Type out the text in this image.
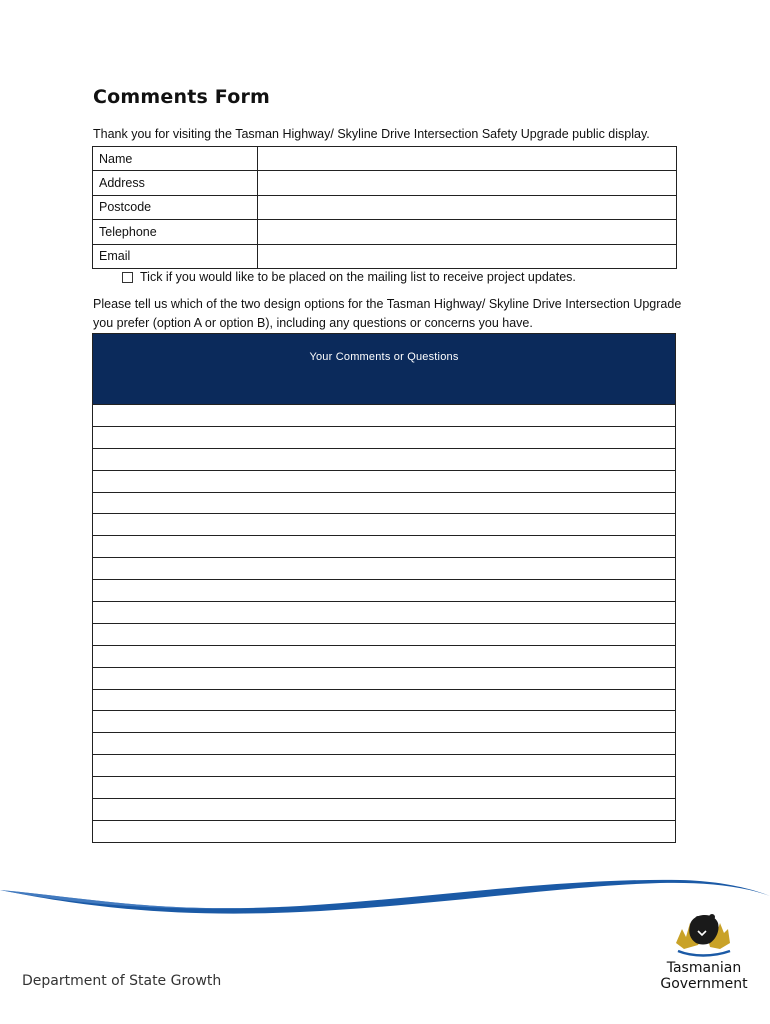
Comments Form
Thank you for visiting the Tasman Highway/ Skyline Drive Intersection Safety Upgrade public display.
Name	
Address	
Postcode	
Telephone	
Email	
Tick if you would like to be placed on the mailing list to receive project updates.
Please tell us which of the two design options for the Tasman Highway/ Skyline Drive Intersection Upgrade you prefer (option A or option B), including any questions or concerns you have.
Your Comments or Questions
Department of State Growth
Tasmanian
Government
